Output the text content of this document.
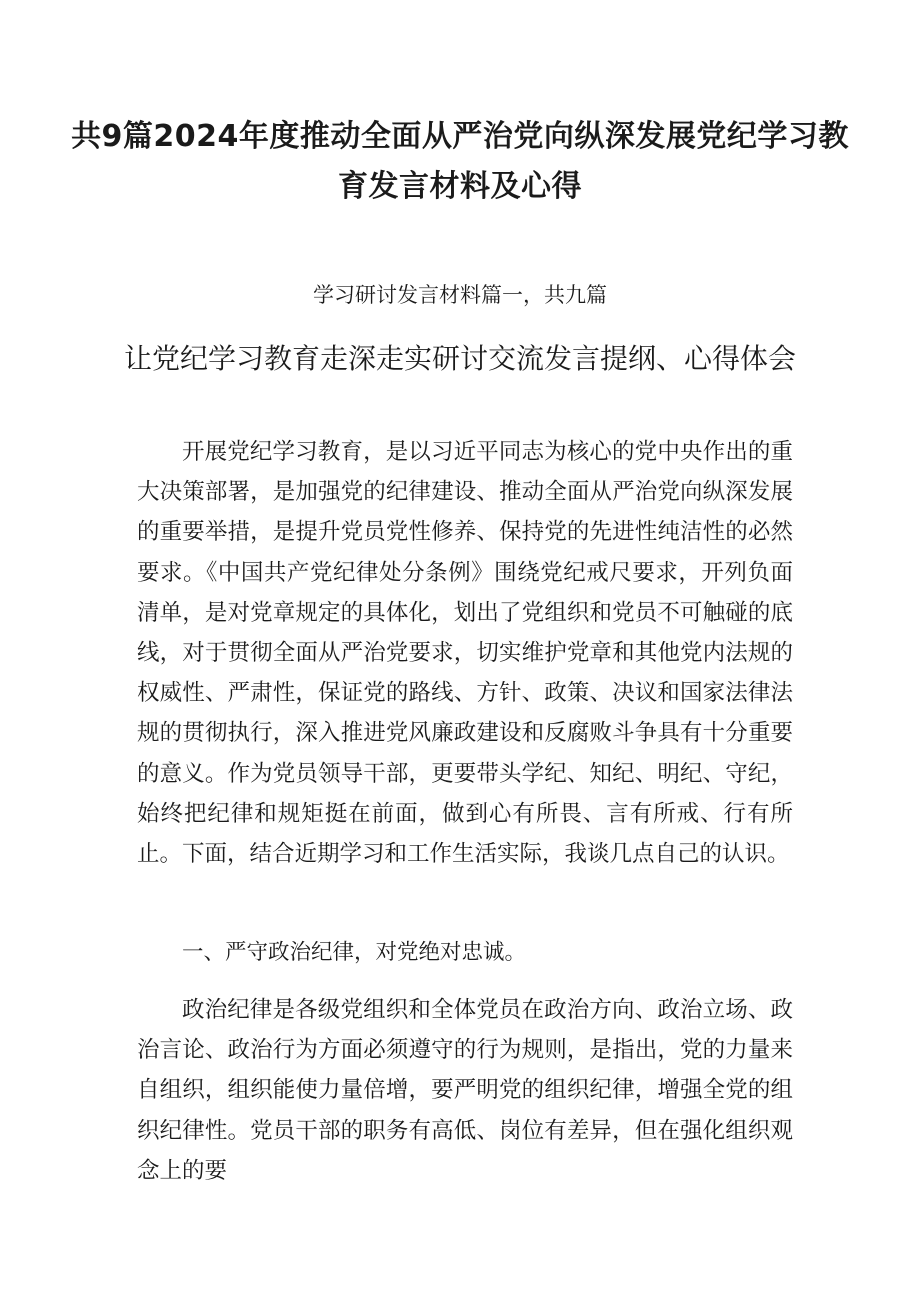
共9篇2024年度推动全面从严治党向纵深发展党纪学习教育发言材料及心得
学习研讨发言材料篇一，共九篇
让党纪学习教育走深走实研讨交流发言提纲、心得体会

开展党纪学习教育，是以习近平同志为核心的党中央作出的重大决策部署，是加强党的纪律建设、推动全面从严治党向纵深发展的重要举措，是提升党员党性修养、保持党的先进性纯洁性的必然要求。《中国共产党纪律处分条例》围绕党纪戒尺要求，开列负面清单，是对党章规定的具体化，划出了党组织和党员不可触碰的底线，对于贯彻全面从严治党要求，切实维护党章和其他党内法规的权威性、严肃性，保证党的路线、方针、政策、决议和国家法律法规的贯彻执行，深入推进党风廉政建设和反腐败斗争具有十分重要的意义。作为党员领导干部，更要带头学纪、知纪、明纪、守纪，始终把纪律和规矩挺在前面，做到心有所畏、言有所戒、行有所止。下面，结合近期学习和工作生活实际，我谈几点自己的认识。

一、严守政治纪律，对党绝对忠诚。

政治纪律是各级党组织和全体党员在政治方向、政治立场、政治言论、政治行为方面必须遵守的行为规则，是指出，党的力量来自组织，组织能使力量倍增，要严明党的组织纪律，增强全党的组织纪律性。党员干部的职务有高低、岗位有差异，但在强化组织观念上的要
